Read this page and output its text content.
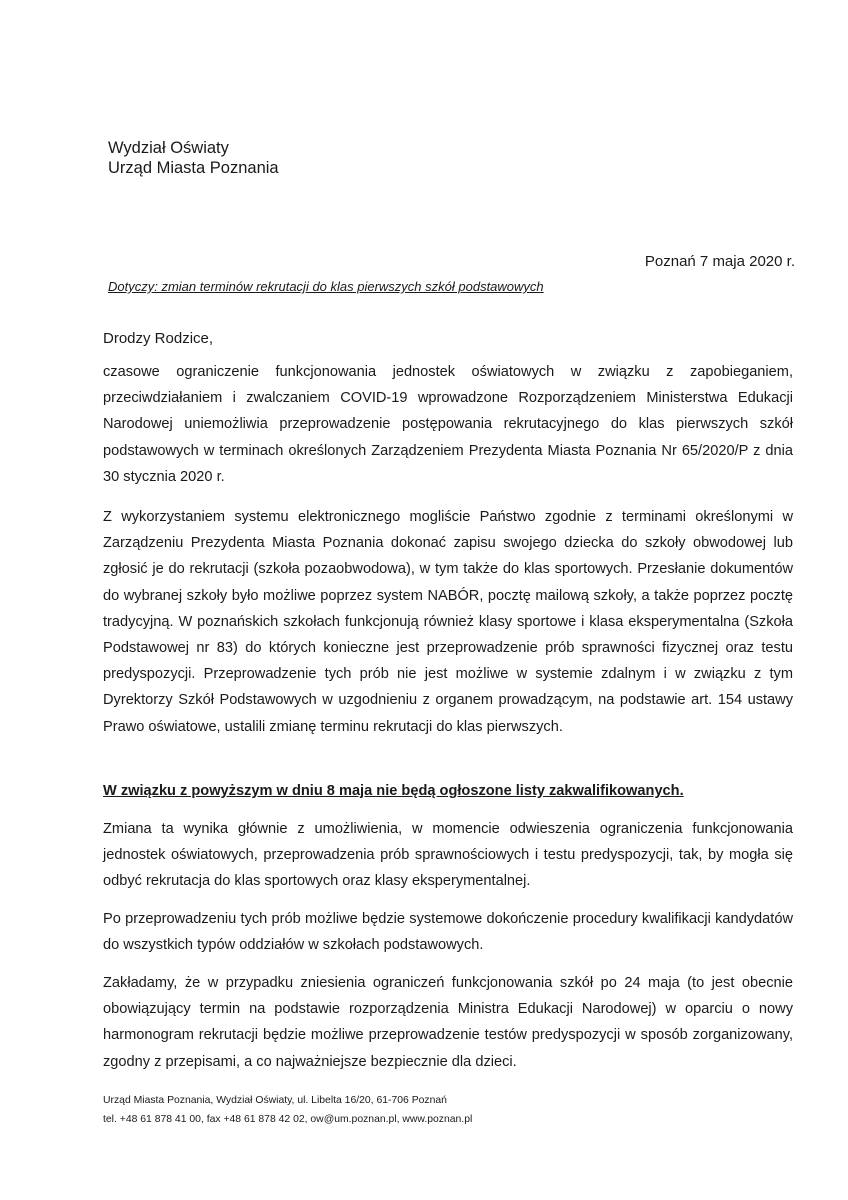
Wydział Oświaty
Urząd Miasta Poznania
Poznań 7 maja 2020 r.
Dotyczy: zmian terminów rekrutacji do klas pierwszych szkół podstawowych
Drodzy Rodzice,

czasowe ograniczenie funkcjonowania jednostek oświatowych w związku z zapobieganiem, przeciwdziałaniem i zwalczaniem COVID-19 wprowadzone Rozporządzeniem Ministerstwa Edukacji Narodowej uniemożliwia przeprowadzenie postępowania rekrutacyjnego do klas pierwszych szkół podstawowych w terminach określonych Zarządzeniem Prezydenta Miasta Poznania Nr 65/2020/P z dnia 30 stycznia 2020 r.

Z wykorzystaniem systemu elektronicznego mogliście Państwo zgodnie z terminami określonymi w Zarządzeniu Prezydenta Miasta Poznania dokonać zapisu swojego dziecka do szkoły obwodowej lub zgłosić je do rekrutacji (szkoła pozaobwodowa), w tym także do klas sportowych. Przesłanie dokumentów do wybranej szkoły było możliwe poprzez system NABÓR, pocztę mailową szkoły, a także poprzez pocztę tradycyjną. W poznańskich szkołach funkcjonują również klasy sportowe i klasa eksperymentalna (Szkoła Podstawowej nr 83) do których konieczne jest przeprowadzenie prób sprawności fizycznej oraz testu predyspozycji. Przeprowadzenie tych prób nie jest możliwe w systemie zdalnym i w związku z tym Dyrektorzy Szkół Podstawowych w uzgodnieniu z organem prowadzącym, na podstawie art. 154 ustawy Prawo oświatowe, ustalili zmianę terminu rekrutacji do klas pierwszych.

W związku z powyższym w dniu 8 maja nie będą ogłoszone listy zakwalifikowanych.

Zmiana ta wynika głównie z umożliwienia, w momencie odwieszenia ograniczenia funkcjonowania jednostek oświatowych, przeprowadzenia prób sprawnościowych i testu predyspozycji, tak, by mogła się odbyć rekrutacja do klas sportowych oraz klasy eksperymentalnej.

Po przeprowadzeniu tych prób możliwe będzie systemowe dokończenie procedury kwalifikacji kandydatów do wszystkich typów oddziałów w szkołach podstawowych.

Zakładamy, że w przypadku zniesienia ograniczeń funkcjonowania szkół po 24 maja (to jest obecnie obowiązujący termin na podstawie rozporządzenia Ministra Edukacji Narodowej) w oparciu o nowy harmonogram rekrutacji będzie możliwe przeprowadzenie testów predyspozycji w sposób zorganizowany, zgodny z przepisami, a co najważniejsze bezpiecznie dla dzieci.

Urząd Miasta Poznania, Wydział Oświaty, ul. Libelta 16/20, 61-706 Poznań
tel. +48 61 878 41 00, fax +48 61 878 42 02, ow@um.poznan.pl, www.poznan.pl
